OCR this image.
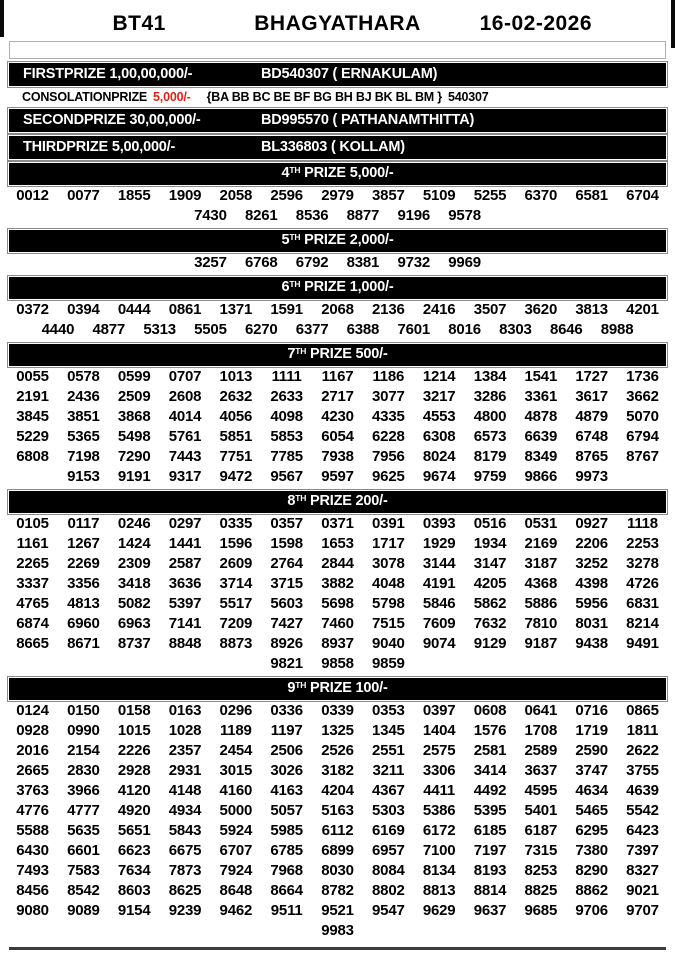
BT41	BHAGYATHARA	16-02-2026
FIRSTPRIZE 1,00,00,000/-	BD540307 ( ERNAKULAM)
CONSOLATIONPRIZE 5,000/- {BA BB BC BE BF BG BH BJ BK BL BM } 540307
SECONDPRIZE 30,00,000/-	BD995570 ( PATHANAMTHITTA)
THIRDPRIZE 5,00,000/-	BL336803 ( KOLLAM)
4TH PRIZE 5,000/-
0012	0077	1855	1909	2058	2596	2979	3857	5109	5255	6370	6581	6704
7430	8261	8536	8877	9196	9578
5TH PRIZE 2,000/-
3257	6768	6792	8381	9732	9969
6TH PRIZE 1,000/-
0372	0394	0444	0861	1371	1591	2068	2136	2416	3507	3620	3813	4201
4440	4877	5313	5505	6270	6377	6388	7601	8016	8303	8646	8988
7TH PRIZE 500/-
0055	0578	0599	0707	1013	1111	1167	1186	1214	1384	1541	1727	1736
2191	2436	2509	2608	2632	2633	2717	3077	3217	3286	3361	3617	3662
3845	3851	3868	4014	4056	4098	4230	4335	4553	4800	4878	4879	5070
5229	5365	5498	5761	5851	5853	6054	6228	6308	6573	6639	6748	6794
6808	7198	7290	7443	7751	7785	7938	7956	8024	8179	8349	8765	8767
9153	9191	9317	9472	9567	9597	9625	9674	9759	9866	9973
8TH PRIZE 200/-
0105	0117	0246	0297	0335	0357	0371	0391	0393	0516	0531	0927	1118
1161	1267	1424	1441	1596	1598	1653	1717	1929	1934	2169	2206	2253
2265	2269	2309	2587	2609	2764	2844	3078	3144	3147	3187	3252	3278
3337	3356	3418	3636	3714	3715	3882	4048	4191	4205	4368	4398	4726
4765	4813	5082	5397	5517	5603	5698	5798	5846	5862	5886	5956	6831
6874	6960	6963	7141	7209	7427	7460	7515	7609	7632	7810	8031	8214
8665	8671	8737	8848	8873	8926	8937	9040	9074	9129	9187	9438	9491
9821	9858	9859
9TH PRIZE 100/-
0124	0150	0158	0163	0296	0336	0339	0353	0397	0608	0641	0716	0865
0928	0990	1015	1028	1189	1197	1325	1345	1404	1576	1708	1719	1811
2016	2154	2226	2357	2454	2506	2526	2551	2575	2581	2589	2590	2622
2665	2830	2928	2931	3015	3026	3182	3211	3306	3414	3637	3747	3755
3763	3966	4120	4148	4160	4163	4204	4367	4411	4492	4595	4634	4639
4776	4777	4920	4934	5000	5057	5163	5303	5386	5395	5401	5465	5542
5588	5635	5651	5843	5924	5985	6112	6169	6172	6185	6187	6295	6423
6430	6601	6623	6675	6707	6785	6899	6957	7100	7197	7315	7380	7397
7493	7583	7634	7873	7924	7968	8030	8084	8134	8193	8253	8290	8327
8456	8542	8603	8625	8648	8664	8782	8802	8813	8814	8825	8862	9021
9080	9089	9154	9239	9462	9511	9521	9547	9629	9637	9685	9706	9707
9983
